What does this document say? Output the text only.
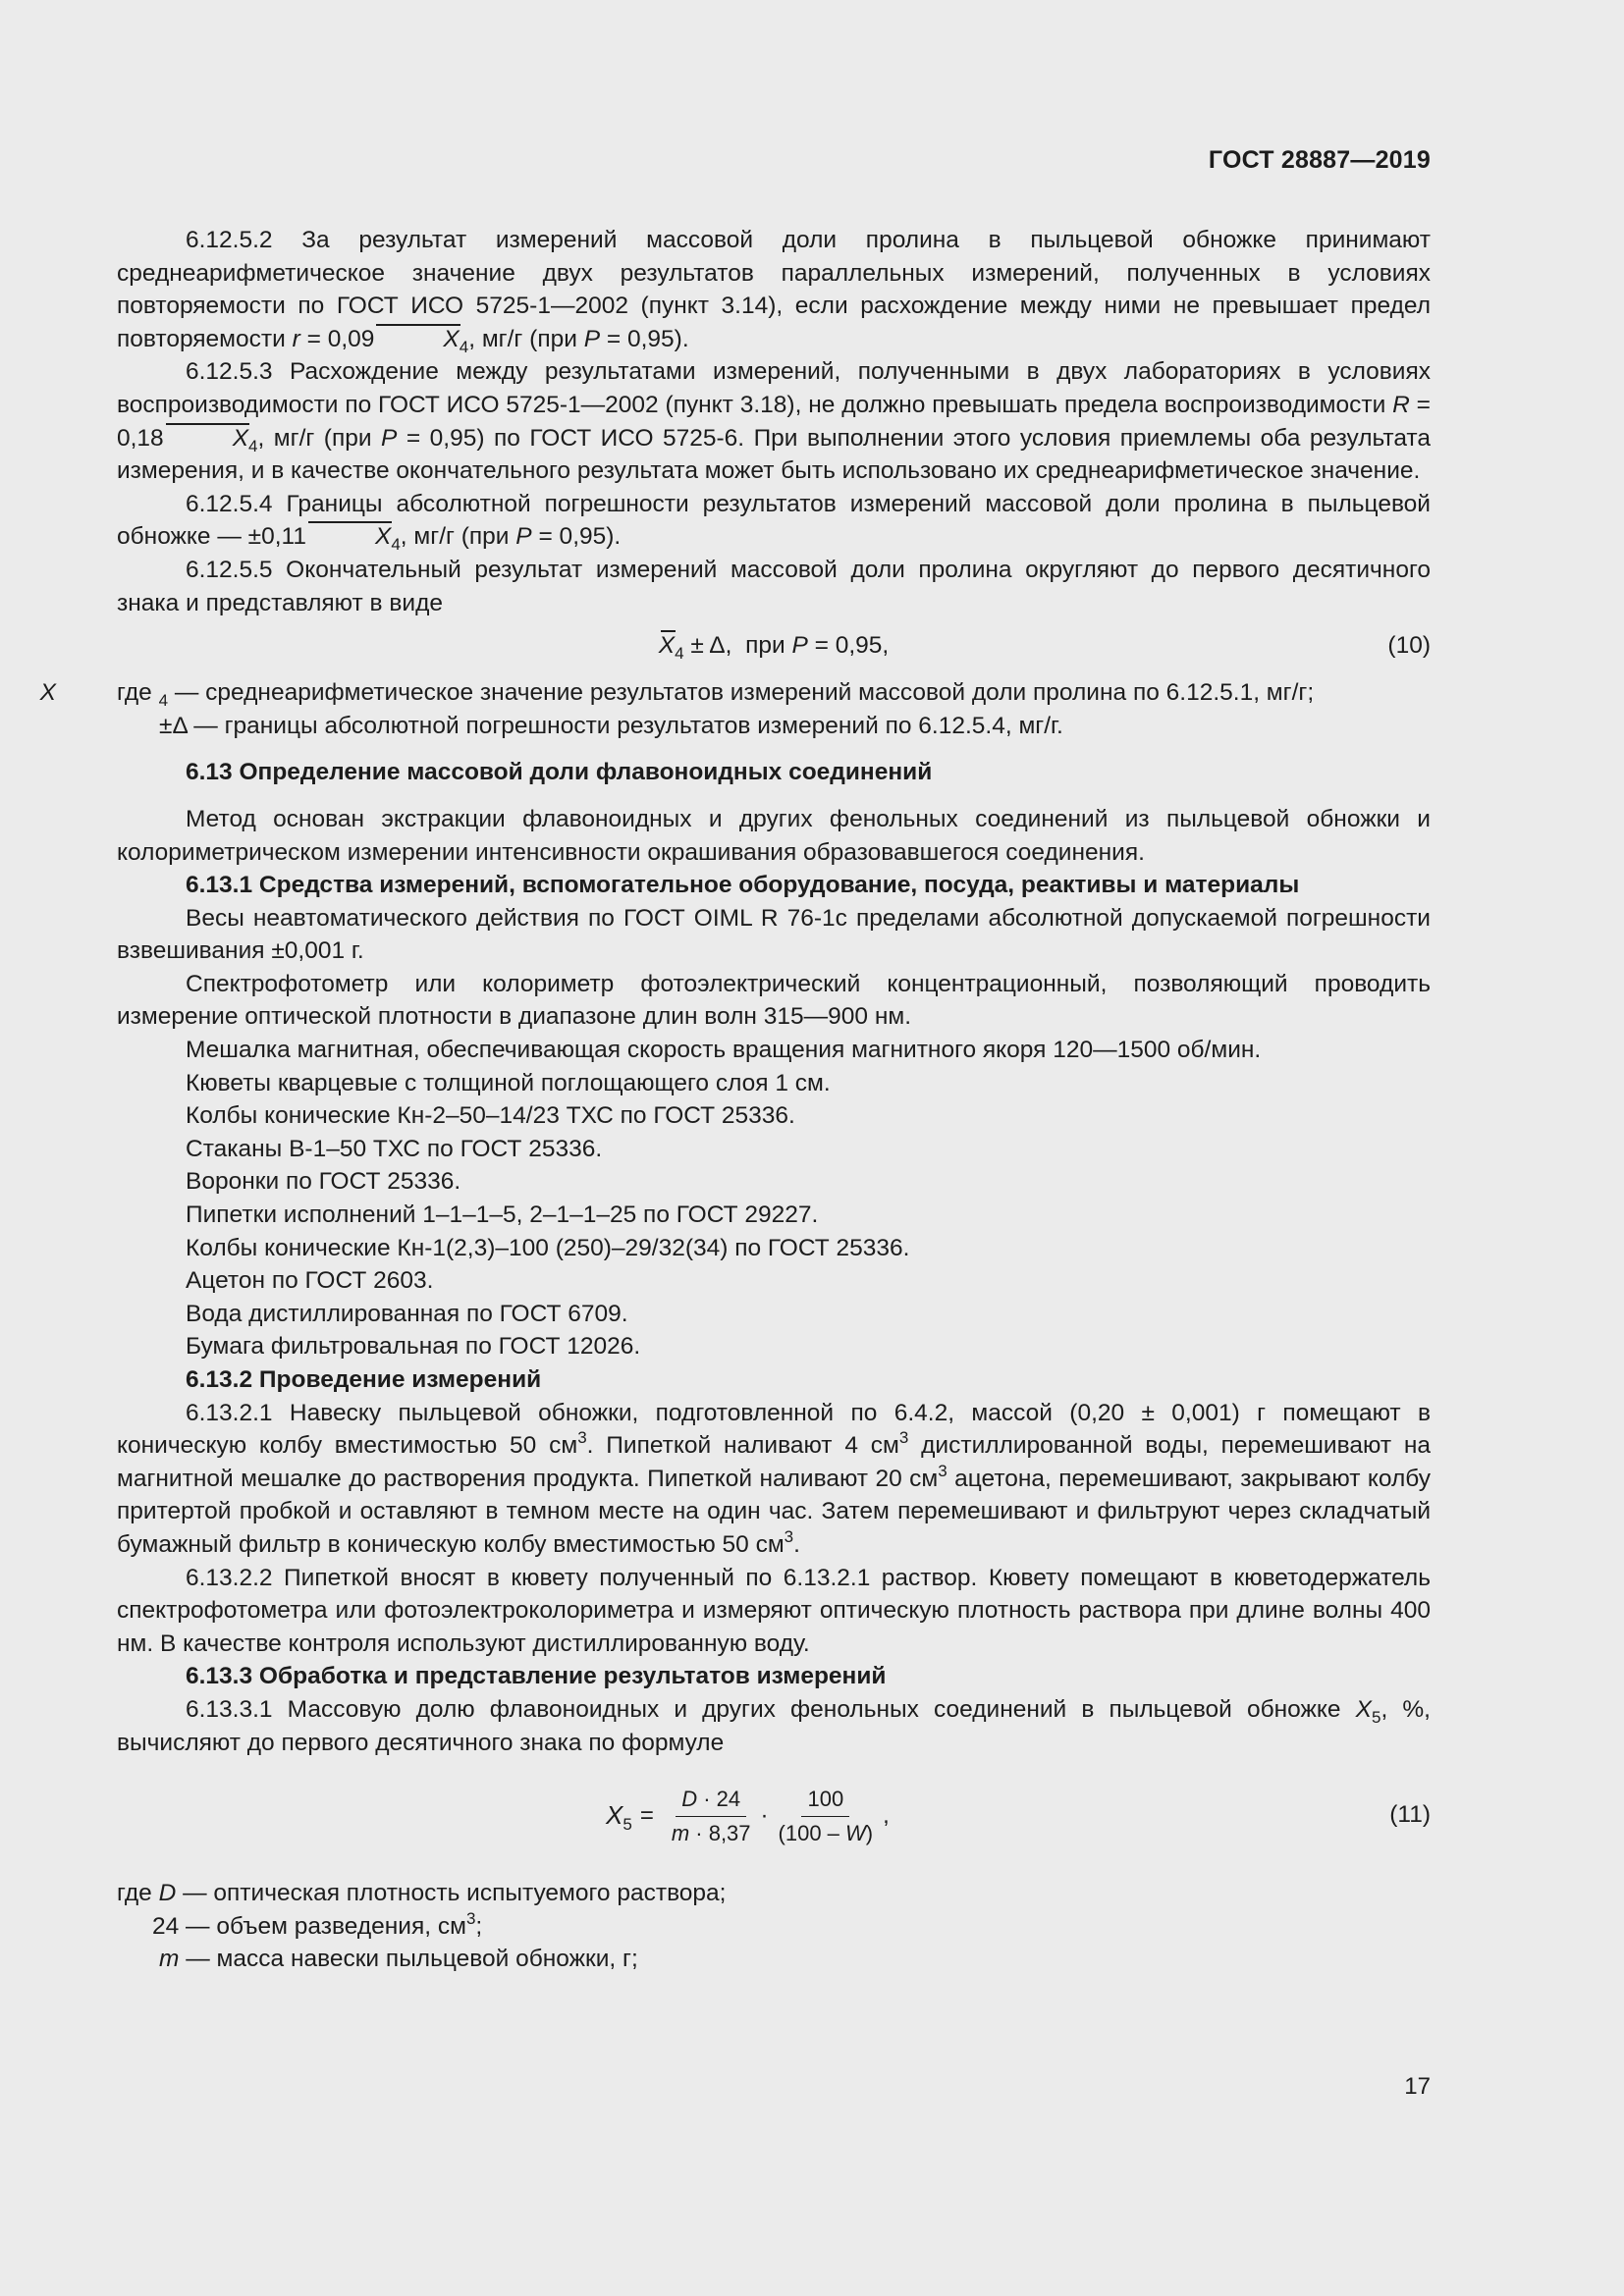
ГОСТ 28887—2019

6.12.5.2 За результат измерений массовой доли пролина в пыльцевой обножке принимают среднеарифметическое значение двух результатов параллельных измерений, полученных в условиях повторяемости по ГОСТ ИСО 5725-1—2002 (пункт 3.14), если расхождение между ними не превышает предел повторяемости r = 0,09	$X_4$, мг/г (при P = 0,95).

6.12.5.3 Расхождение между результатами измерений, полученными в двух лабораториях в условиях воспроизводимости по ГОСТ ИСО 5725-1—2002 (пункт 3.18), не должно превышать предела воспроизводимости R = 0,18	$X_4$, мг/г (при P = 0,95) по ГОСТ ИСО 5725-6. При выполнении этого условия приемлемы оба результата измерения, и в качестве окончательного результата может быть использовано их среднеарифметическое значение.

6.12.5.4 Границы абсолютной погрешности результатов измерений массовой доли пролина в пыльцевой обножке — ±0,11	$X_4$, мг/г (при P = 0,95).

6.12.5.5 Окончательный результат измерений массовой доли пролина округляют до первого десятичного знака и представляют в виде

$X_4 \pm \Delta$,  при P = 0,95,	(10)

где X	$_4$ — среднеарифметическое значение результатов измерений массовой доли пролина по 6.12.5.1, мг/г;

±Δ — границы абсолютной погрешности результатов измерений по 6.12.5.4, мг/г.

6.13 Определение массовой доли флавоноидных соединений

Метод основан экстракции флавоноидных и других фенольных соединений из пыльцевой обножки и колориметрическом измерении интенсивности окрашивания образовавшегося соединения.

6.13.1 Средства измерений, вспомогательное оборудование, посуда, реактивы и материалы

Весы неавтоматического действия по ГОСТ OIML R 76-1с пределами абсолютной допускаемой погрешности взвешивания ±0,001 г.

Спектрофотометр или колориметр фотоэлектрический концентрационный, позволяющий проводить измерение оптической плотности в диапазоне длин волн 315—900 нм.

Мешалка магнитная, обеспечивающая скорость вращения магнитного якоря 120—1500 об/мин.

Кюветы кварцевые с толщиной поглощающего слоя 1 см.

Колбы конические Кн-2–50–14/23 ТХС по ГОСТ 25336.

Стаканы В-1–50 ТХС по ГОСТ 25336.

Воронки по ГОСТ 25336.

Пипетки исполнений 1–1–1–5, 2–1–1–25 по ГОСТ 29227.

Колбы конические Кн-1(2,3)–100 (250)–29/32(34) по ГОСТ 25336.

Ацетон по ГОСТ 2603.

Вода дистиллированная по ГОСТ 6709.

Бумага фильтровальная по ГОСТ 12026.

6.13.2 Проведение измерений

6.13.2.1 Навеску пыльцевой обножки, подготовленной по 6.4.2, массой (0,20 ± 0,001) г помещают в коническую колбу вместимостью 50 $см^3$. Пипеткой наливают 4 $см^3$ дистиллированной воды, перемешивают на магнитной мешалке до растворения продукта. Пипеткой наливают 20 $см^3$ ацетона, перемешивают, закрывают колбу притертой пробкой и оставляют в темном месте на один час. Затем перемешивают и фильтруют через складчатый бумажный фильтр в коническую колбу вместимостью 50 $см^3$.

6.13.2.2 Пипеткой вносят в кювету полученный по 6.13.2.1 раствор. Кювету помещают в кюветодержатель спектрофотометра или фотоэлектроколориметра и измеряют оптическую плотность раствора при длине волны 400 нм. В качестве контроля используют дистиллированную воду.

6.13.3 Обработка и представление результатов измерений

6.13.3.1 Массовую долю флавоноидных и других фенольных соединений в пыльцевой обножке $X_5$, %, вычисляют до первого десятичного знака по формуле

$X_5 = \frac{D \cdot 24}{m \cdot 8,37} \cdot \frac{100}{(100 - W)}$ ,	(11)

где D — оптическая плотность испытуемого раствора;

24 — объем разведения, $см^3$;

m — масса навески пыльцевой обножки, г;

17
